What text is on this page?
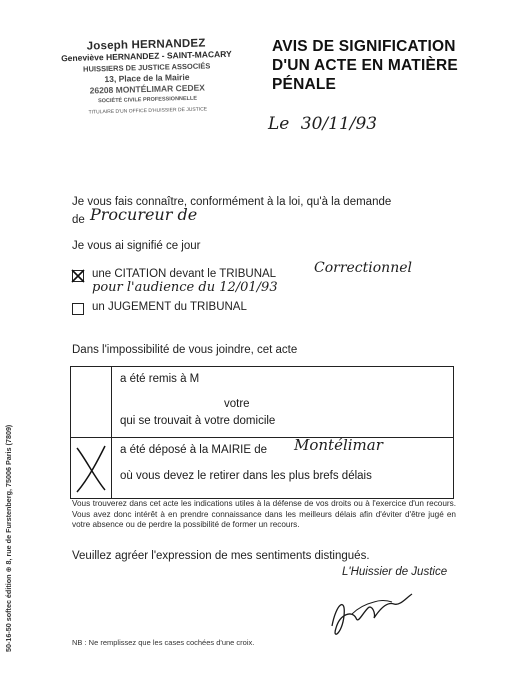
Joseph HERNANDEZ
Geneviève HERNANDEZ - SAINT-MACARY
HUISSIERS DE JUSTICE ASSOCIÉS
13, Place de la Mairie
26208 MONTÉLIMAR CEDEX
SOCIÉTÉ CIVILE PROFESSIONNELLE
TITULAIRE D'UN OFFICE D'HUISSIER DE JUSTICE
AVIS DE SIGNIFICATION
D'UN ACTE EN MATIÈRE
PÉNALE
Le 30/11/93
Je vous fais connaître, conformément à la loi, qu'à la demande
de Procureur de
Je vous ai signifié ce jour
une CITATION devant le TRIBUNAL	Correctionnel
pour l'audience du 12/01/93
un JUGEMENT du TRIBUNAL
Dans l'impossibilité de vous joindre, cet acte

	a été remis à M
votre
qui se trouvait à votre domicile

a été déposé à la MAIRIE de Montélimar
où vous devez le retirer dans les plus brefs délais
Vous trouverez dans cet acte les indications utiles à la défense de vos droits ou à l'exercice d'un recours. Vous avez donc intérêt à en prendre connaissance dans les meilleurs délais afin d'éviter d'être jugé en votre absence ou de perdre la possibilité de former un recours.
Veuillez agréer l'expression de mes sentiments distingués.
L'Huissier de Justice
NB : Ne remplissez que les cases cochées d'une croix.
50-16-50 softec édition ⊕ 8, rue de Furstenberg, 75006 Paris (7809)
